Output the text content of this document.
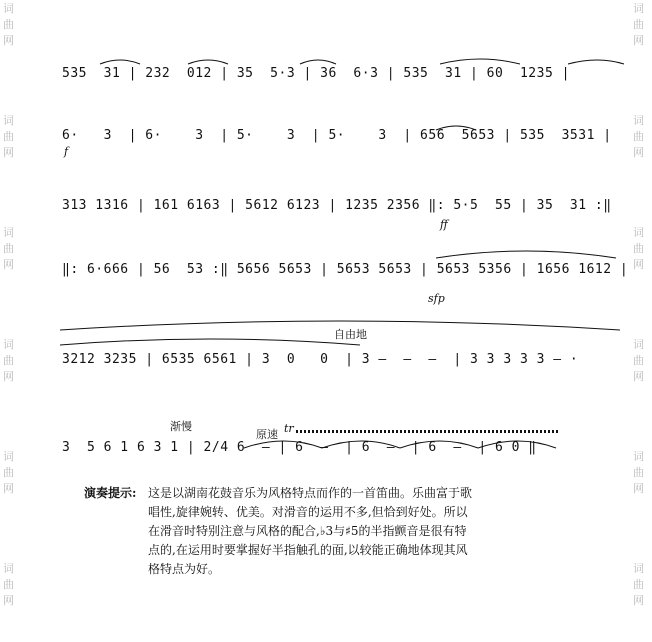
词
曲
网
词
曲
网
词
曲
网
词
曲
网
词
曲
网
词
曲
网
词
曲
网
词
曲
网
词
曲
网
词
曲
网
词
曲
网
词
曲
网
535  31 | 232  012 | 35  5·3 | 36  6·3 | 535  31 | 60  1235 |
6·   3  | 6·    3  | 5·    3  | 5·    3  | 656  5653 | 535  3531 |
313 1316 | 161 6163 | 5612 6123 | 1235 2356 ‖: 5·5  55 | 35  31 :‖
‖: 6·666 | 56  53 :‖ 5656 5653 | 5653 5653 | 5653 5356 | 1656 1612 |
3212 3235 | 6535 6561 | 3  0   0  | 3 –  –  –  | 3 3 3 3 3 – ·
3  5 6 1 6 3 1 | 2/4 6  – | 6  –  | 6  –  | 6  –  | 6 0 ‖
f
ff
sfp
自由地
渐慢
原速 tr
演奏提示: 这是以湖南花鼓音乐为风格特点而作的一首笛曲。乐曲富于歌唱性,旋律婉转、优美。对滑音的运用不多,但恰到好处。所以在滑音时特别注意与风格的配合,♭3与♯5的半指颤音是很有特点的,在运用时要掌握好半指触孔的面,以较能正确地体现其风格特点为好。
